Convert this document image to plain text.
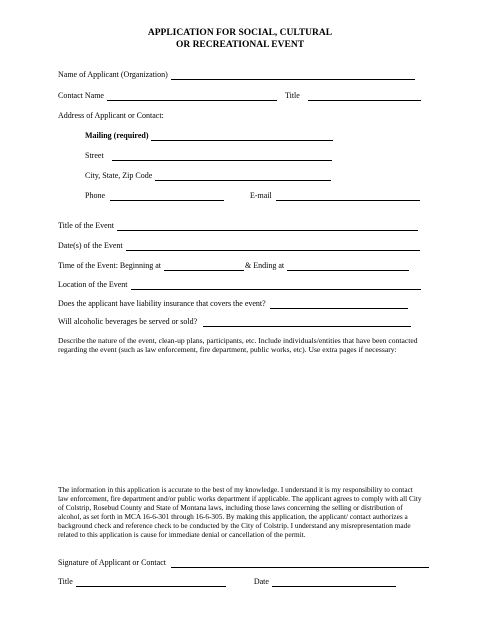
APPLICATION FOR SOCIAL, CULTURAL
OR RECREATIONAL EVENT
Name of Applicant (Organization)
Contact Name	Title
Address of Applicant or Contact:
Mailing (required)
Street
City, State, Zip Code
Phone	E-mail
Title of the Event
Date(s) of the Event
Time of the Event: Beginning at	& Ending at
Location of the Event
Does the applicant have liability insurance that covers the event?
Will alcoholic beverages be served or sold?
Describe the nature of the event, clean-up plans, participants, etc. Include individuals/entities that have been contacted regarding the event (such as law enforcement, fire department, public works, etc). Use extra pages if necessary:
The information in this application is accurate to the best of my knowledge. I understand it is my responsibility to contact law enforcement, fire department and/or public works department if applicable. The applicant agrees to comply with all City of Colstrip, Rosebud County and State of Montana laws, including those laws concerning the selling or distribution of alcohol, as set forth in MCA 16-6-301 through 16-6-305. By making this application, the applicant/ contact authorizes a background check and reference check to be conducted by the City of Colstrip. I understand any misrepresentation made related to this application is cause for immediate denial or cancellation of the permit.
Signature of Applicant or Contact
Title	Date
